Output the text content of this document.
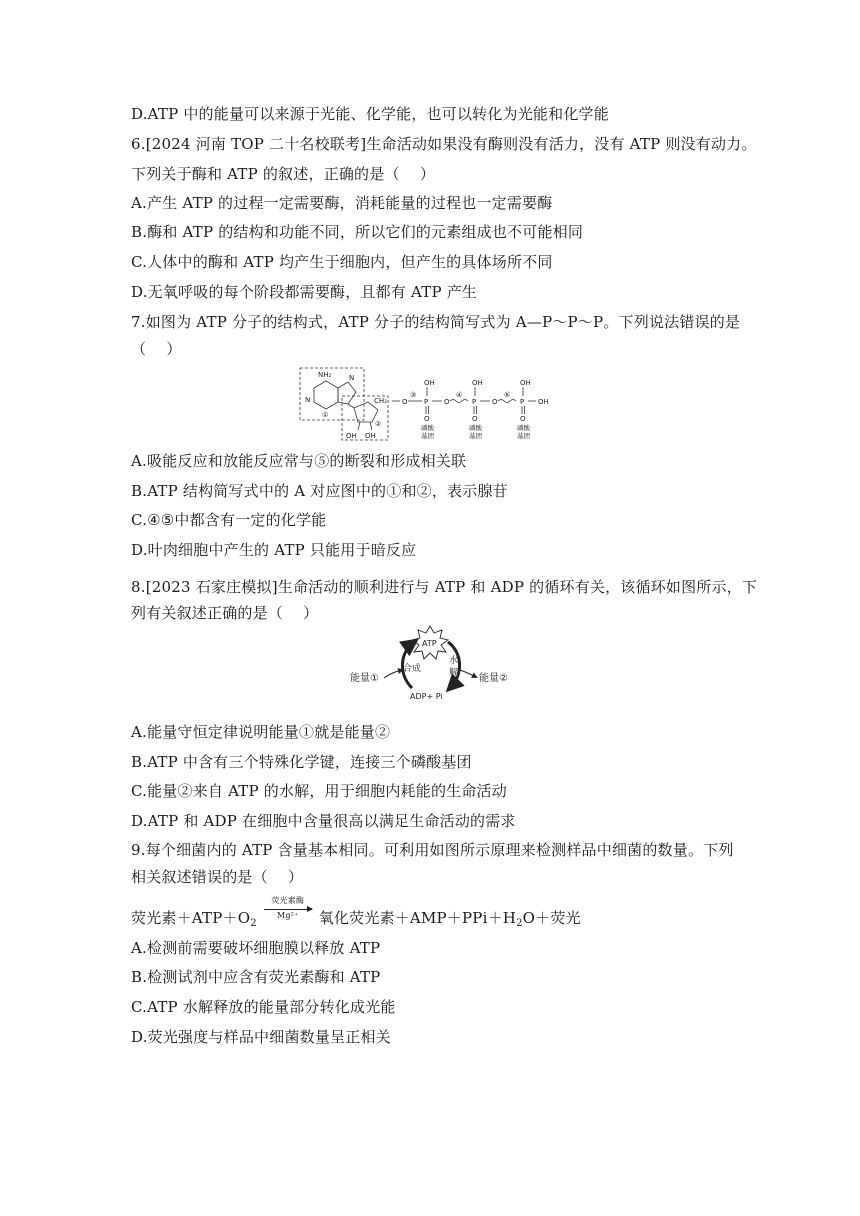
D.ATP 中的能量可以来源于光能、化学能，也可以转化为光能和化学能
6.[2024 河南 TOP 二十名校联考]生命活动如果没有酶则没有活力，没有 ATP 则没有动力。
下列关于酶和 ATP 的叙述，正确的是（　 ）
A.产生 ATP 的过程一定需要酶，消耗能量的过程也一定需要酶
B.酶和 ATP 的结构和功能不同，所以它们的元素组成也不可能相同
C.人体中的酶和 ATP 均产生于细胞内，但产生的具体场所不同
D.无氧呼吸的每个阶段都需要酶，且都有 ATP 产生
7.如图为 ATP 分子的结构式，ATP 分子的结构简写式为 A—P～P～P。下列说法错误的是
（　 ）
NH₂
N
N
①
OH OH
②
CH₂ O
③
OH
P
O
磷酸
基团
O
④
OH
P
O
磷酸
基团
O
⑤
OH
P
O
磷酸
基团
OH
A.吸能反应和放能反应常与⑤的断裂和形成相关联
B.ATP 结构简写式中的 A 对应图中的①和②，表示腺苷
C.④⑤中都含有一定的化学能
D.叶肉细胞中产生的 ATP 只能用于暗反应
8.[2023 石家庄模拟]生命活动的顺利进行与 ATP 和 ADP 的循环有关，该循环如图所示，下
列有关叙述正确的是（　 ）
ATP
合成
水
解
ADP+ Pi
能量①	能量②
A.能量守恒定律说明能量①就是能量②
B.ATP 中含有三个特殊化学键，连接三个磷酸基团
C.能量②来自 ATP 的水解，用于细胞内耗能的生命活动
D.ATP 和 ADP 在细胞中含量很高以满足生命活动的需求
9.每个细菌内的 ATP 含量基本相同。可利用如图所示原理来检测样品中细菌的数量。下列
相关叙述错误的是（　 ）
荧光素$+ATP+O_2$
荧光素酶
Mg²⁺	氧化荧光素$+AMP+PPi+H_2O+$荧光
A.检测前需要破坏细胞膜以释放 ATP
B.检测试剂中应含有荧光素酶和 ATP
C.ATP 水解释放的能量部分转化成光能
D.荧光强度与样品中细菌数量呈正相关
